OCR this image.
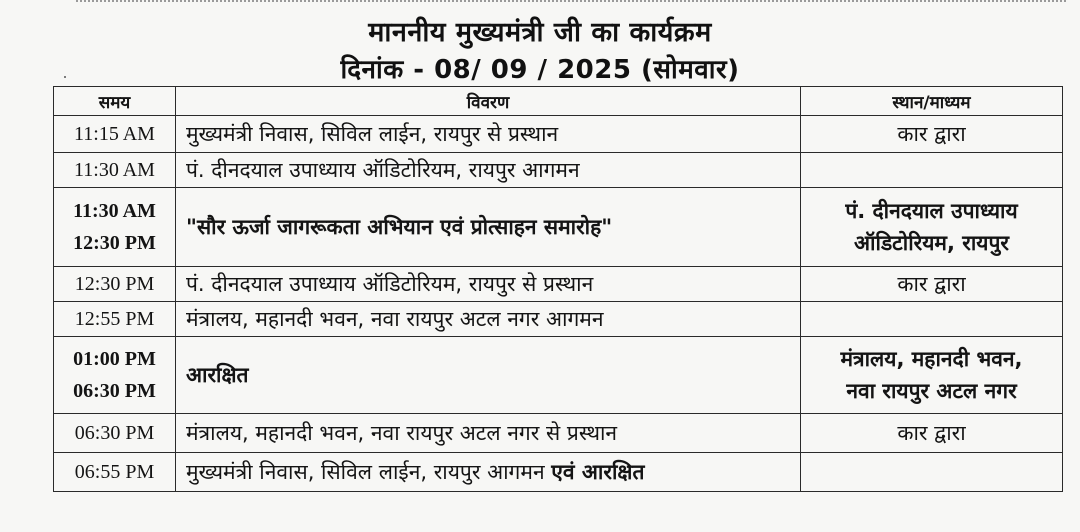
माननीय मुख्यमंत्री जी का कार्यक्रम
दिनांक - 08/ 09 / 2025 (सोमवार)
समय	विवरण	स्थान/माध्यम
11:15 AM	मुख्यमंत्री निवास, सिविल लाईन, रायपुर से प्रस्थान	कार द्वारा
11:30 AM	पं. दीनदयाल उपाध्याय ऑडिटोरियम, रायपुर आगमन	

11:30 AM
12:30 PM	"सौर ऊर्जा जागरूकता अभियान एवं प्रोत्साहन समारोह"	पं. दीनदयाल उपाध्याय
ऑडिटोरियम, रायपुर

12:30 PM	पं. दीनदयाल उपाध्याय ऑडिटोरियम, रायपुर से प्रस्थान	कार द्वारा
12:55 PM	मंत्रालय, महानदी भवन, नवा रायपुर अटल नगर आगमन	

01:00 PM
06:30 PM	आरक्षित	मंत्रालय, महानदी भवन,
नवा रायपुर अटल नगर

06:30 PM	मंत्रालय, महानदी भवन, नवा रायपुर अटल नगर से प्रस्थान	कार द्वारा
06:55 PM	मुख्यमंत्री निवास, सिविल लाईन, रायपुर आगमन एवं आरक्षित	
